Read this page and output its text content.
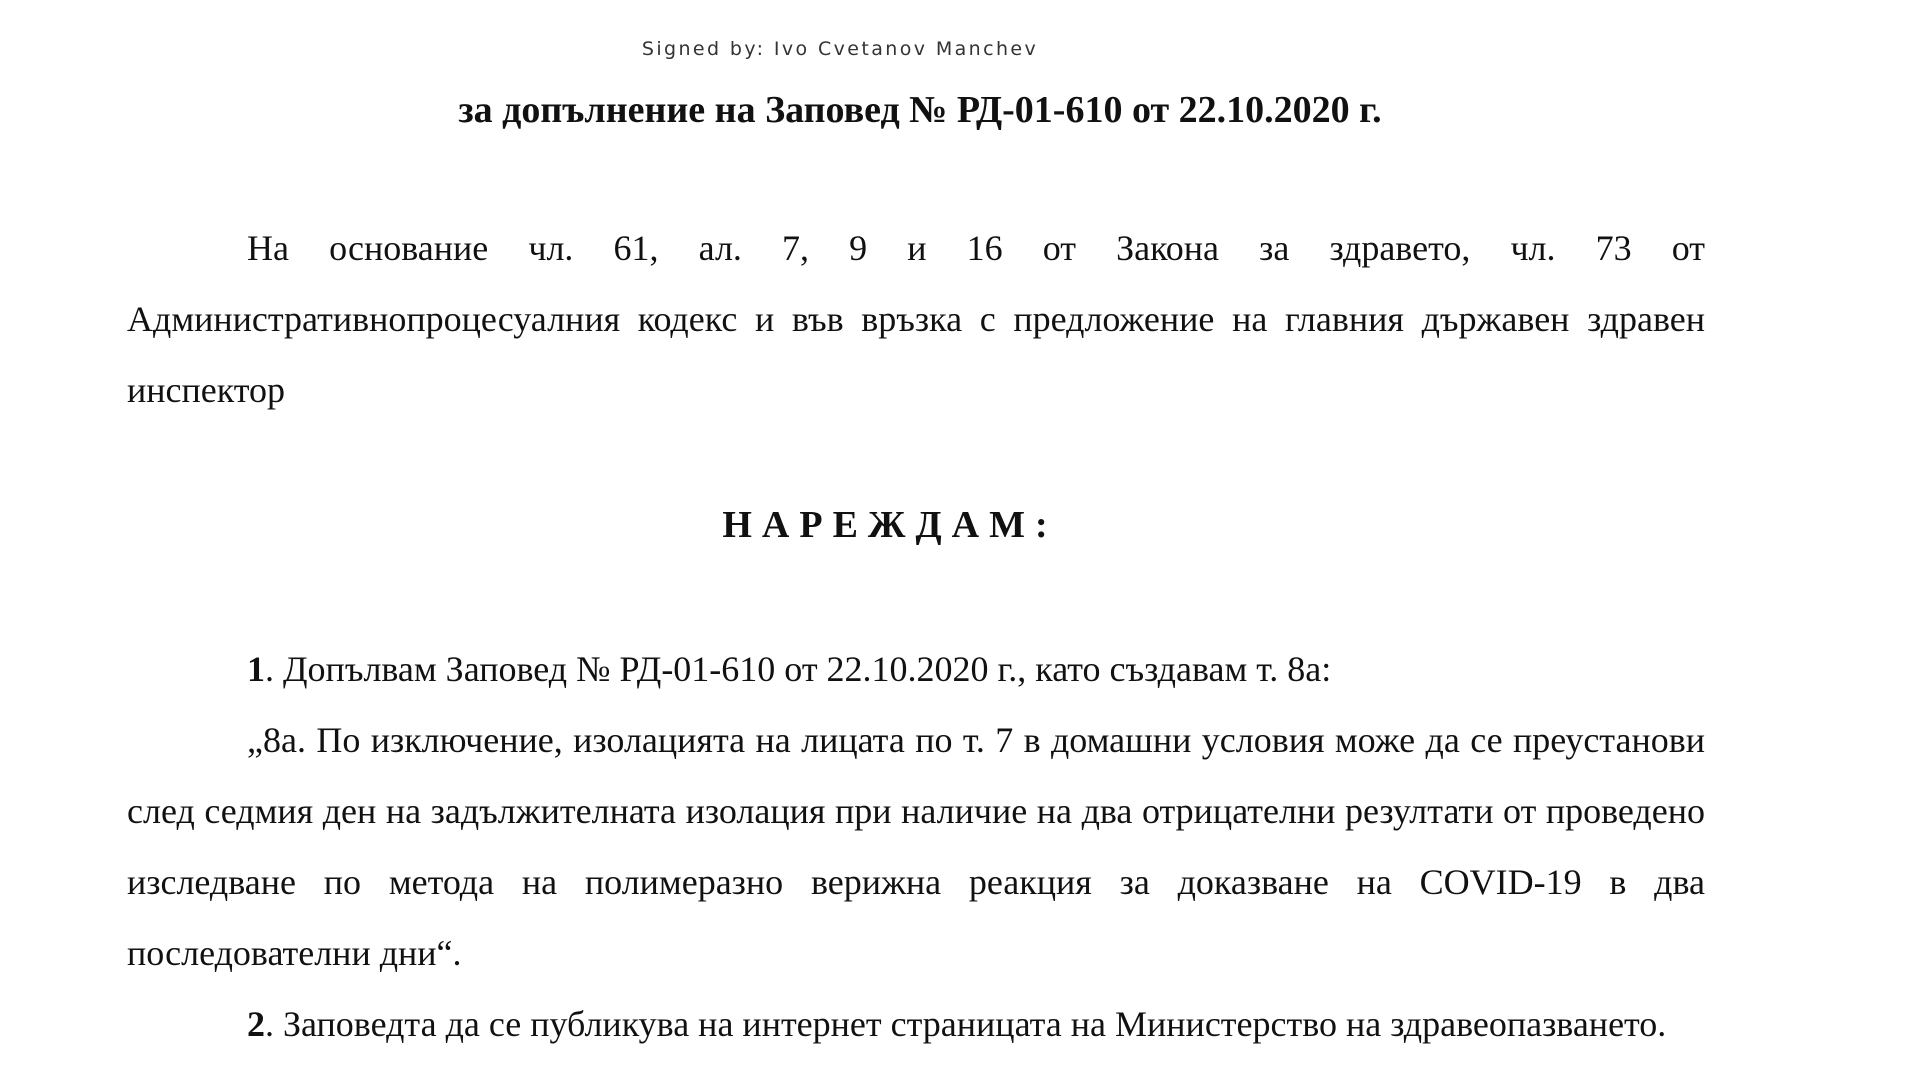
Signed by: Ivo Cvetanov Manchev
за допълнение на Заповед № РД-01-610 от 22.10.2020 г.
На основание чл. 61, ал. 7, 9 и 16 от Закона за здравето, чл. 73 от Административнопроцесуалния кодекс и във връзка с предложение на главния държавен здравен инспектор
НАРЕЖДАМ:

1. Допълвам Заповед № РД-01-610 от 22.10.2020 г., като създавам т. 8а:

„8а. По изключение, изолацията на лицата по т. 7 в домашни условия може да се преустанови след седмия ден на задължителната изолация при наличие на два отрицателни резултати от проведено изследване по метода на полимеразно верижна реакция за доказване на COVID-19 в два последователни дни“.

2. Заповедта да се публикува на интернет страницата на Министерство на здравеопазването.
